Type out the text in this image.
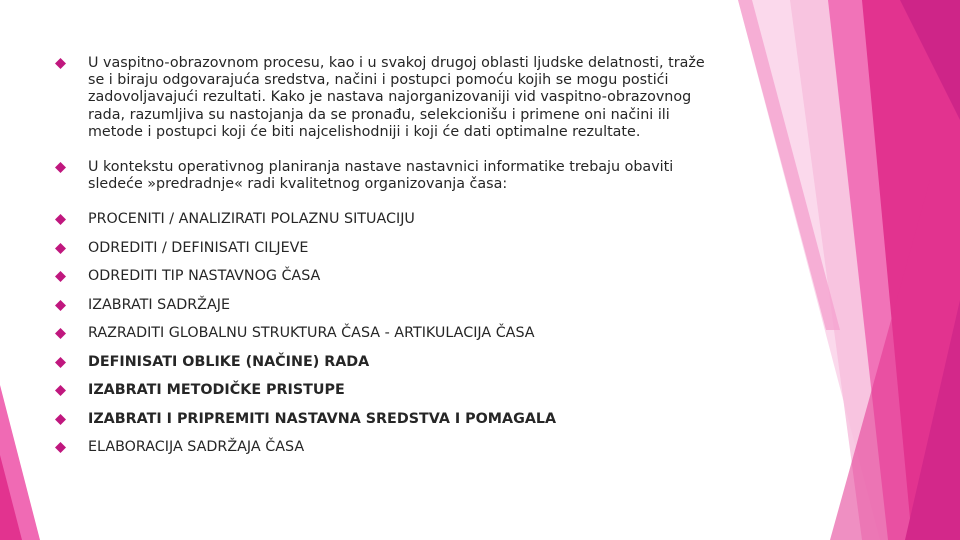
U vaspitno-obrazovnom procesu, kao i u svakoj drugoj oblasti ljudske delatnosti, traže se i biraju odgovarajuća sredstva, načini i postupci pomoću kojih se mogu postići zadovoljavajući rezultati. Kako je nastava najorganizovaniji vid vaspitno-obrazovnog rada, razumljiva su nastojanja da se pronađu, selekcionišu i primene oni načini ili metode i postupci koji će biti najcelishodniji i koji će dati optimalne rezultate.
U kontekstu operativnog planiranja nastave nastavnici informatike trebaju obaviti sledeće »predradnje« radi kvalitetnog organizovanja časa:
PROCENITI / ANALIZIRATI POLAZNU SITUACIJU
ODREDITI / DEFINISATI CILJEVE
ODREDITI TIP NASTAVNOG ČASA
IZABRATI SADRŽAJE
RAZRADITI GLOBALNU STRUKTURA ČASA - ARTIKULACIJA ČASA
DEFINISATI OBLIKE (NAČINE) RADA
IZABRATI METODIČKE PRISTUPE
IZABRATI I PRIPREMITI NASTAVNA SREDSTVA I POMAGALA
ELABORACIJA SADRŽAJA ČASA
